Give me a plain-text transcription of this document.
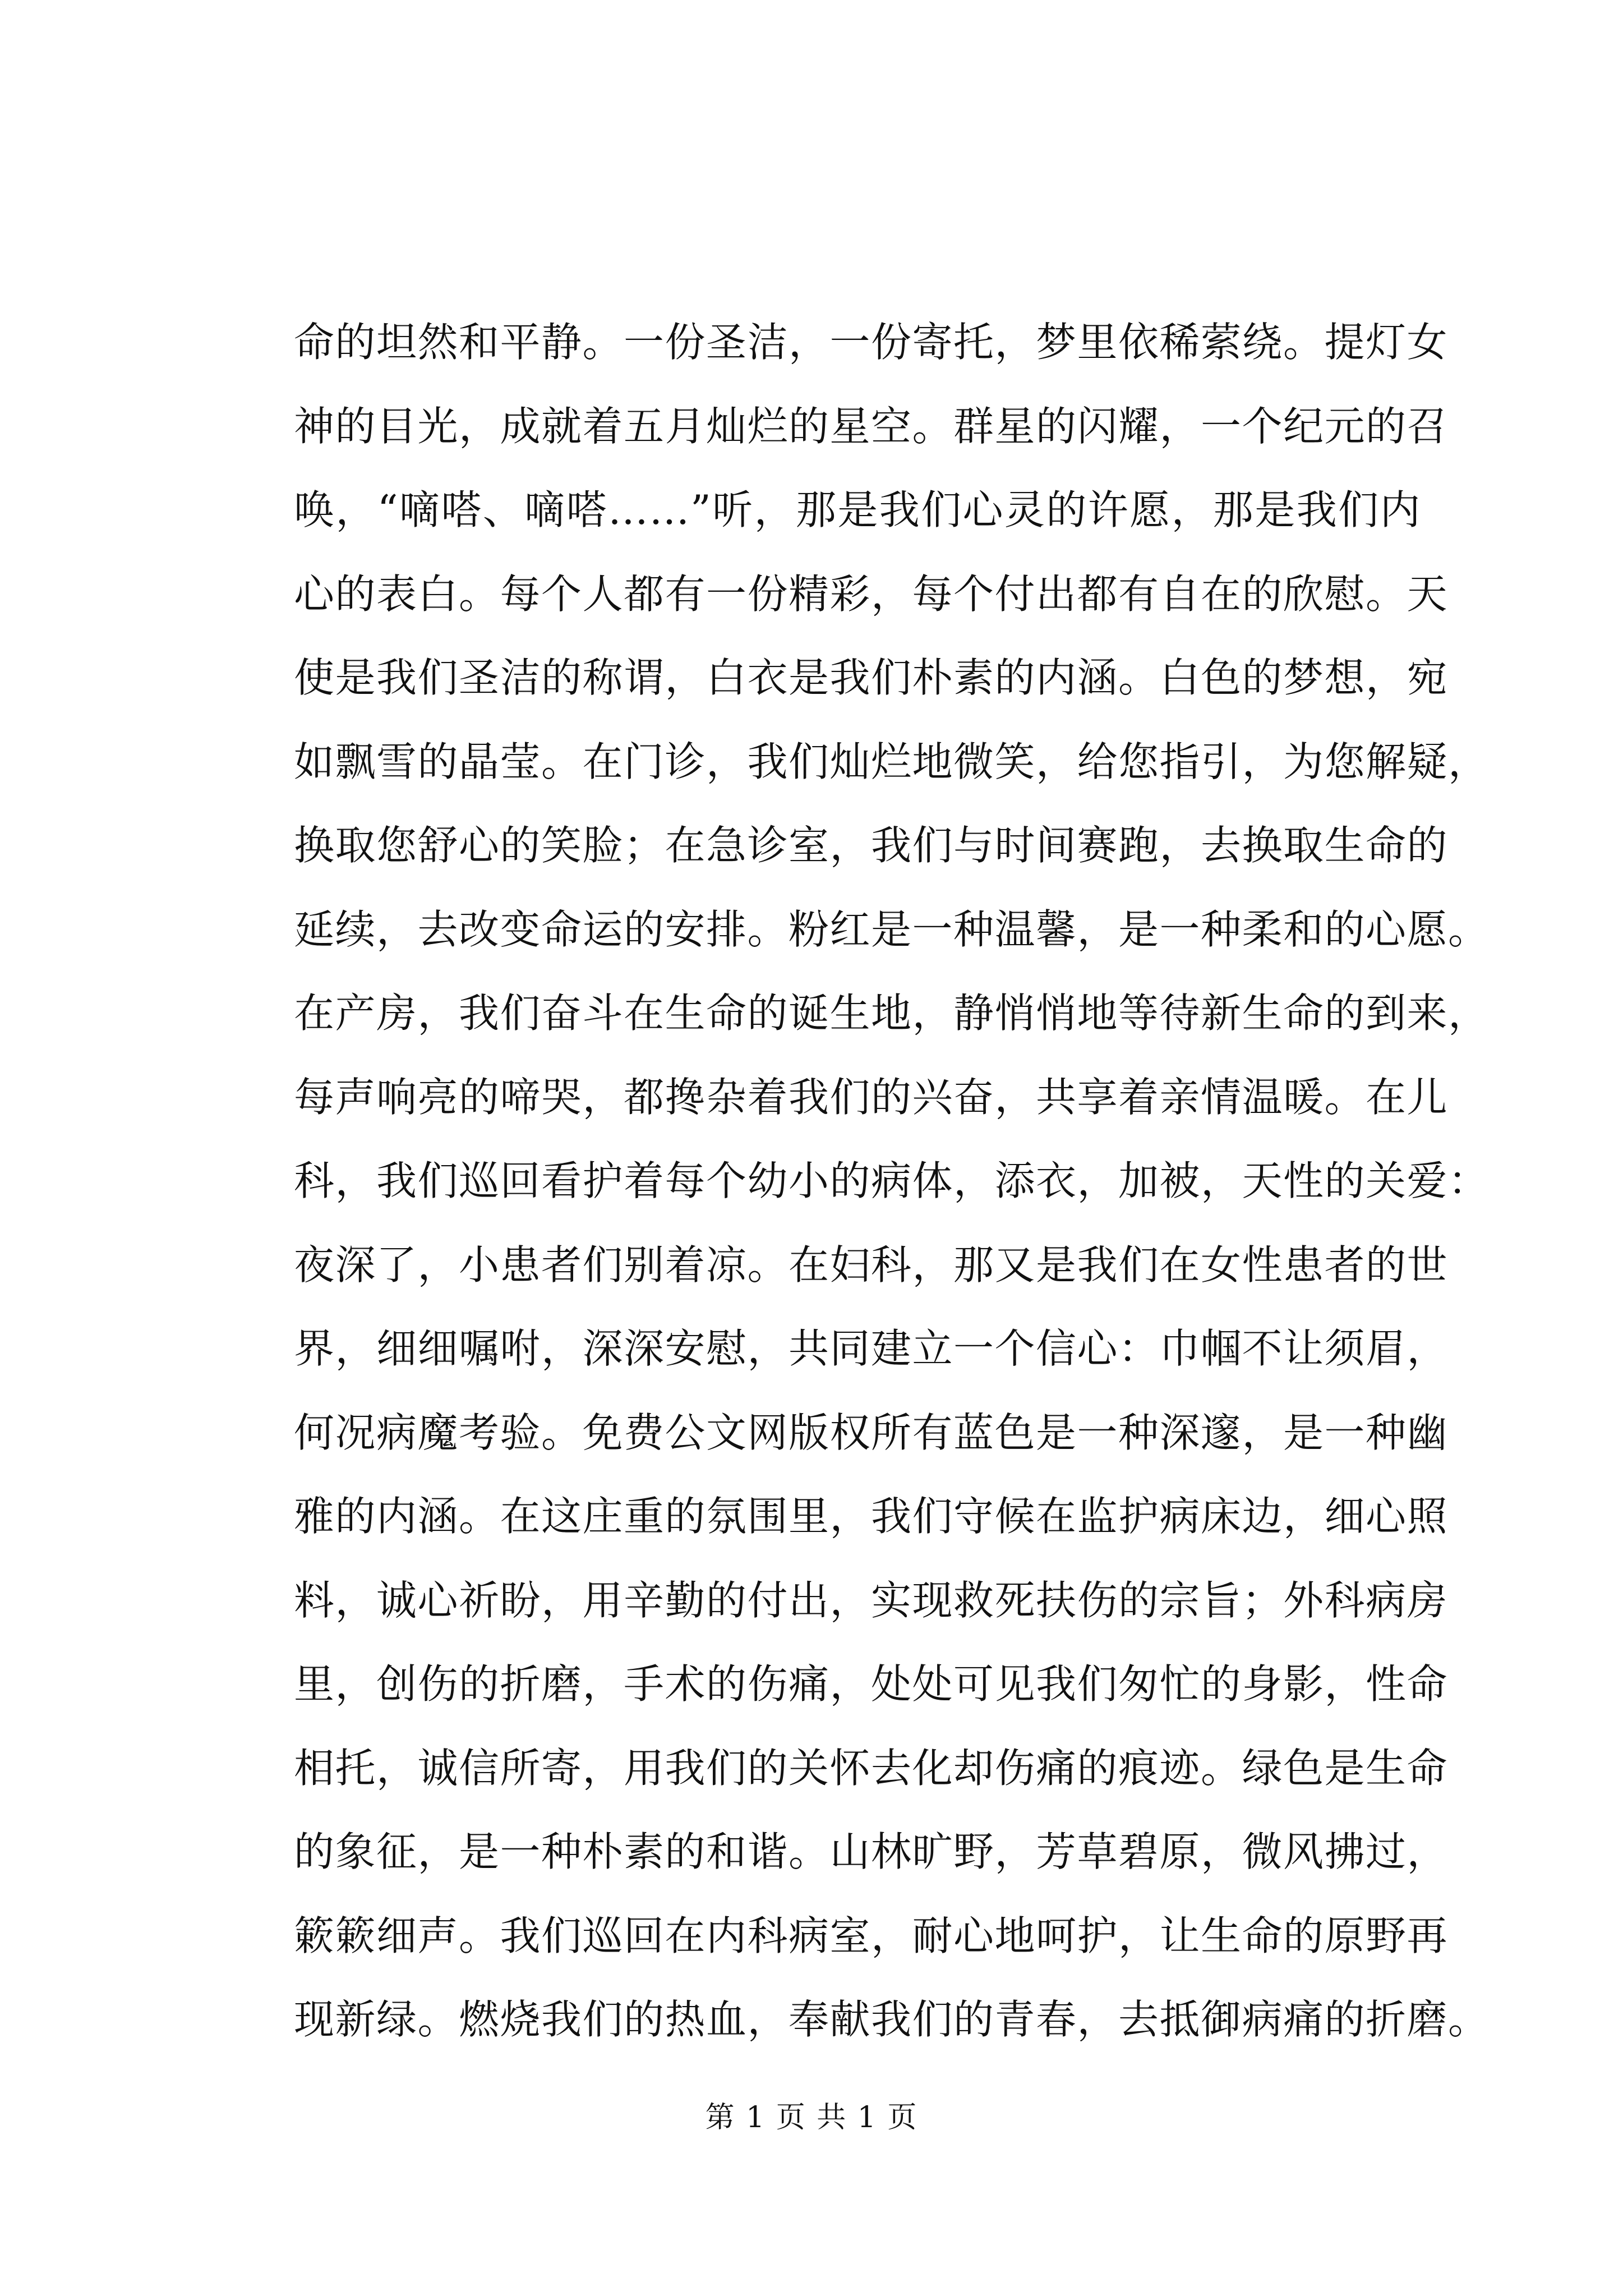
命的坦然和平静。一份圣洁，一份寄托，梦里依稀萦绕。提灯女
神的目光，成就着五月灿烂的星空。群星的闪耀，一个纪元的召
唤，“嘀嗒、嘀嗒……”听，那是我们心灵的许愿，那是我们内
心的表白。每个人都有一份精彩，每个付出都有自在的欣慰。天
使是我们圣洁的称谓，白衣是我们朴素的内涵。白色的梦想，宛
如飘雪的晶莹。在门诊，我们灿烂地微笑，给您指引，为您解疑，
换取您舒心的笑脸；在急诊室，我们与时间赛跑，去换取生命的
延续，去改变命运的安排。粉红是一种温馨，是一种柔和的心愿。
在产房，我们奋斗在生命的诞生地，静悄悄地等待新生命的到来，
每声响亮的啼哭，都搀杂着我们的兴奋，共享着亲情温暖。在儿
科，我们巡回看护着每个幼小的病体，添衣，加被，天性的关爱：
夜深了，小患者们别着凉。在妇科，那又是我们在女性患者的世
界，细细嘱咐，深深安慰，共同建立一个信心：巾帼不让须眉，
何况病魔考验。免费公文网版权所有蓝色是一种深邃，是一种幽
雅的内涵。在这庄重的氛围里，我们守候在监护病床边，细心照
料，诚心祈盼，用辛勤的付出，实现救死扶伤的宗旨；外科病房
里，创伤的折磨，手术的伤痛，处处可见我们匆忙的身影，性命
相托，诚信所寄，用我们的关怀去化却伤痛的痕迹。绿色是生命
的象征，是一种朴素的和谐。山林旷野，芳草碧原，微风拂过，
簌簌细声。我们巡回在内科病室，耐心地呵护，让生命的原野再
现新绿。燃烧我们的热血，奉献我们的青春，去抵御病痛的折磨。
第 1 页 共 1 页
